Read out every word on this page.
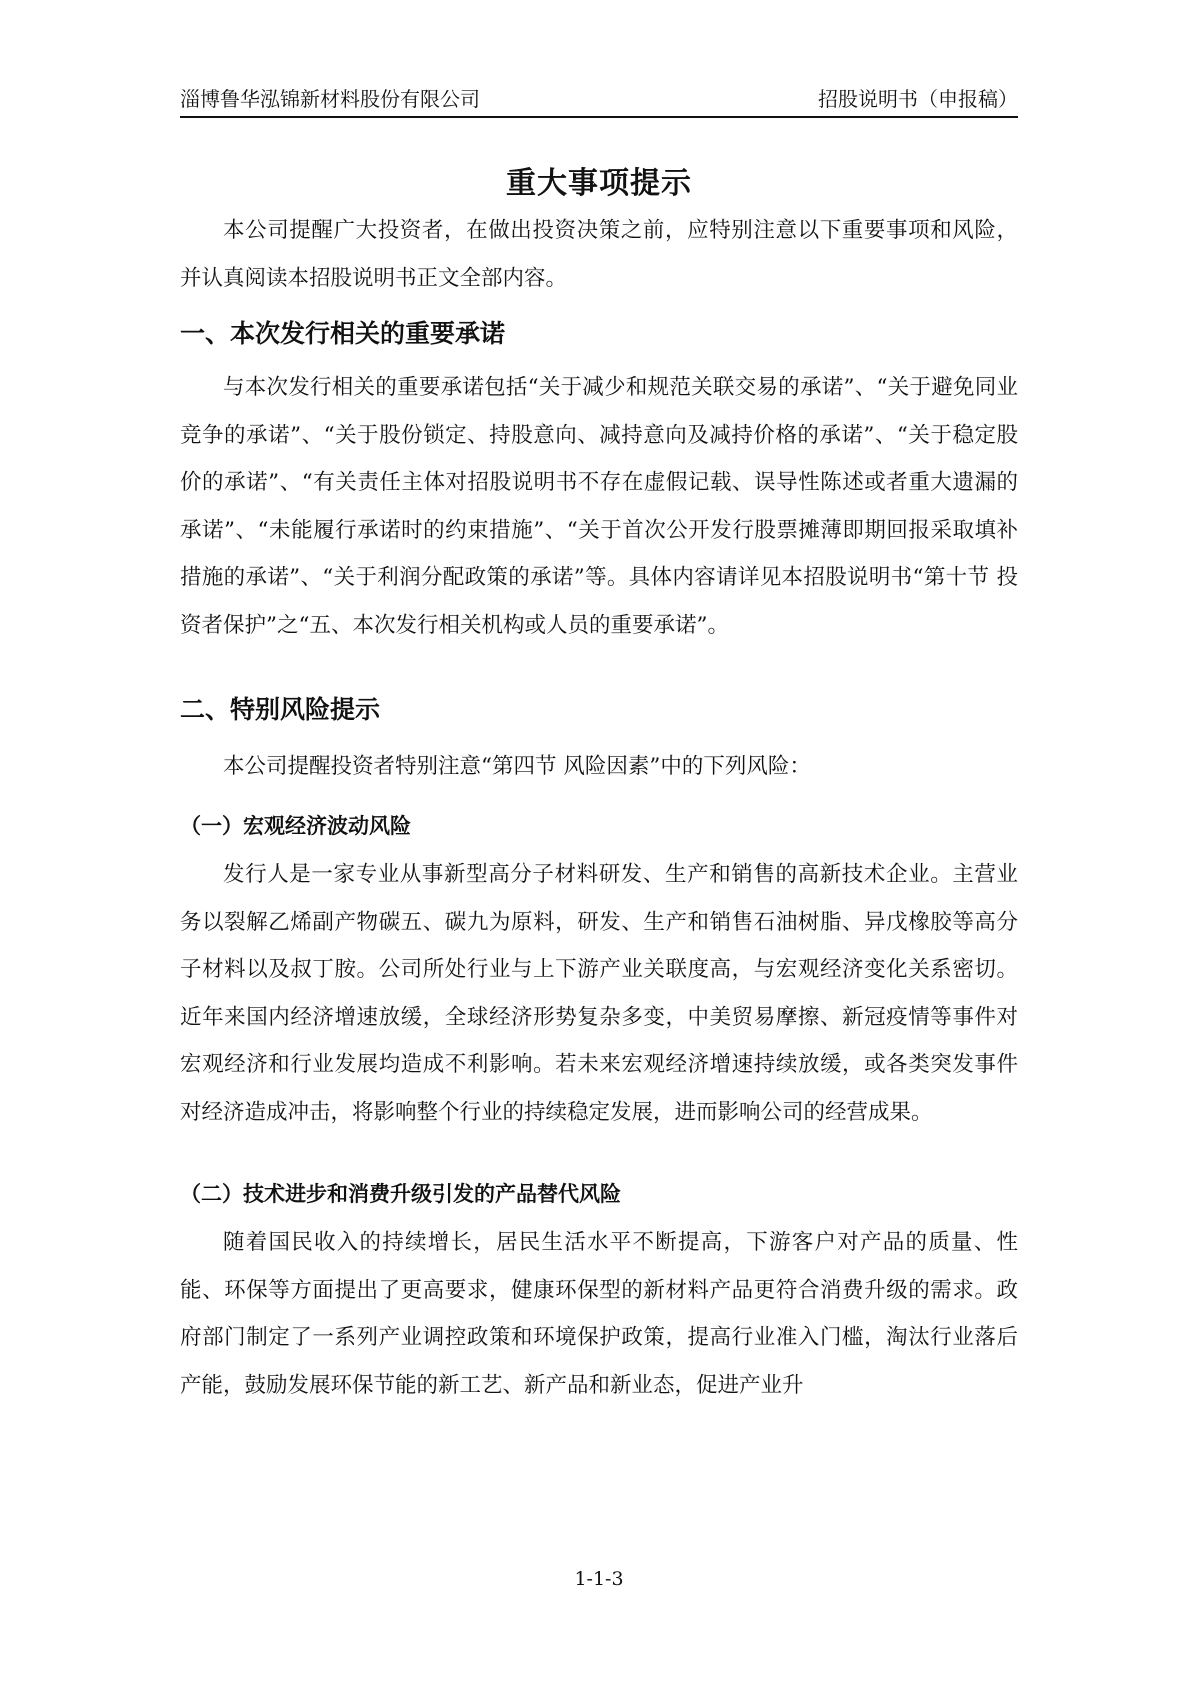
淄博鲁华泓锦新材料股份有限公司	招股说明书（申报稿）
重大事项提示

本公司提醒广大投资者，在做出投资决策之前，应特别注意以下重要事项和风险，并认真阅读本招股说明书正文全部内容。

一、本次发行相关的重要承诺

与本次发行相关的重要承诺包括“关于减少和规范关联交易的承诺”、“关于避免同业竞争的承诺”、“关于股份锁定、持股意向、减持意向及减持价格的承诺”、“关于稳定股价的承诺”、“有关责任主体对招股说明书不存在虚假记载、误导性陈述或者重大遗漏的承诺”、“未能履行承诺时的约束措施”、“关于首次公开发行股票摊薄即期回报采取填补措施的承诺”、“关于利润分配政策的承诺”等。具体内容请详见本招股说明书“第十节 投资者保护”之“五、本次发行相关机构或人员的重要承诺”。

二、特别风险提示

本公司提醒投资者特别注意“第四节 风险因素”中的下列风险：

（一）宏观经济波动风险

发行人是一家专业从事新型高分子材料研发、生产和销售的高新技术企业。主营业务以裂解乙烯副产物碳五、碳九为原料，研发、生产和销售石油树脂、异戊橡胶等高分子材料以及叔丁胺。公司所处行业与上下游产业关联度高，与宏观经济变化关系密切。近年来国内经济增速放缓，全球经济形势复杂多变，中美贸易摩擦、新冠疫情等事件对宏观经济和行业发展均造成不利影响。若未来宏观经济增速持续放缓，或各类突发事件对经济造成冲击，将影响整个行业的持续稳定发展，进而影响公司的经营成果。

（二）技术进步和消费升级引发的产品替代风险

随着国民收入的持续增长，居民生活水平不断提高，下游客户对产品的质量、性能、环保等方面提出了更高要求，健康环保型的新材料产品更符合消费升级的需求。政府部门制定了一系列产业调控政策和环境保护政策，提高行业准入门槛，淘汰行业落后产能，鼓励发展环保节能的新工艺、新产品和新业态，促进产业升

1-1-3
